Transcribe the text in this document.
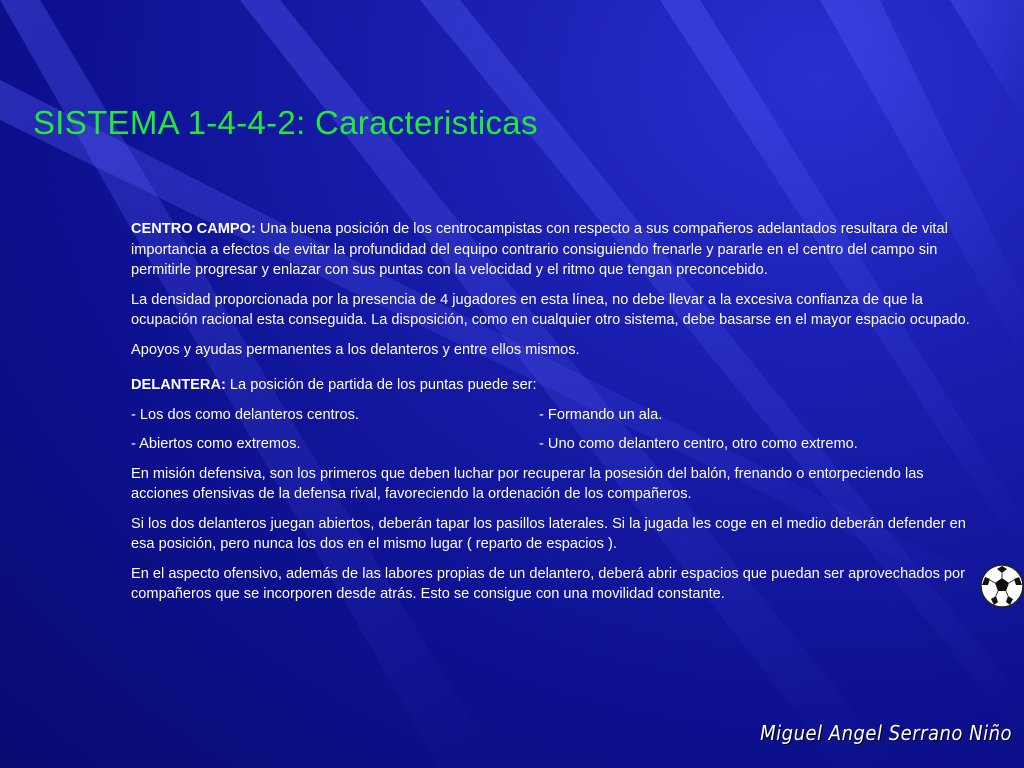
SISTEMA 1-4-4-2: Caracteristicas

CENTRO CAMPO: Una buena posición de los centrocampistas con respecto a sus compañeros adelantados resultara de vital importancia a efectos de evitar la profundidad del equipo contrario consiguiendo frenarle y pararle en el centro del campo sin permitirle progresar y enlazar con sus puntas con la velocidad y el ritmo que tengan preconcebido.

La densidad proporcionada por la presencia de 4 jugadores en esta línea, no debe llevar a la excesiva confianza de que la ocupación racional esta conseguida. La disposición, como en cualquier otro sistema, debe basarse en el mayor espacio ocupado.

Apoyos y ayudas permanentes a los delanteros y entre ellos mismos.

DELANTERA: La posición de partida de los puntas puede ser:

- Los dos como delanteros centros.	- Formando un ala.
- Abiertos como extremos.	- Uno como delantero centro, otro como extremo.

En misión defensiva, son los primeros que deben luchar por recuperar la posesión del balón, frenando o entorpeciendo las acciones ofensivas de la defensa rival, favoreciendo la ordenación de los compañeros.

Si los dos delanteros juegan abiertos, deberán tapar los pasillos laterales. Si la jugada les coge en el medio deberán defender en esa posición, pero nunca los dos en el mismo lugar ( reparto de espacios ).

En el aspecto ofensivo, además de las labores propias de un delantero, deberá abrir espacios que puedan ser aprovechados por compañeros que se incorporen desde atrás. Esto se consigue con una movilidad constante.

Miguel Angel Serrano Niño
